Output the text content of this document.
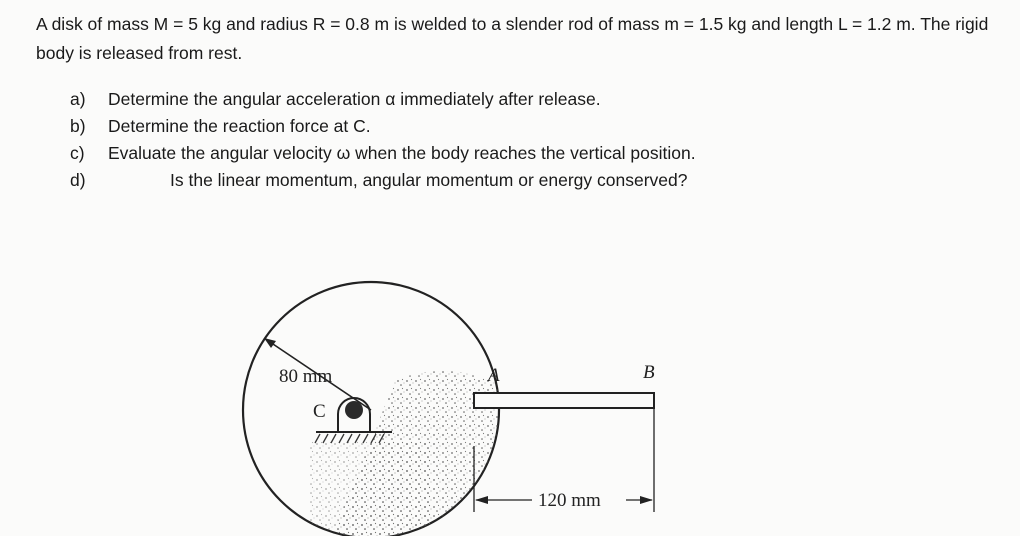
A disk of mass M = 5 kg and radius R = 0.8 m is welded to a slender rod of mass m = 1.5 kg and length L = 1.2 m. The rigid body is released from rest.

a)	Determine the angular acceleration α immediately after release.
b)	Determine the reaction force at C.
c)	Evaluate the angular velocity ω when the body reaches the vertical position.
d)	Is the linear momentum, angular momentum or energy conserved?
80 mm
C
A	B
120 mm
